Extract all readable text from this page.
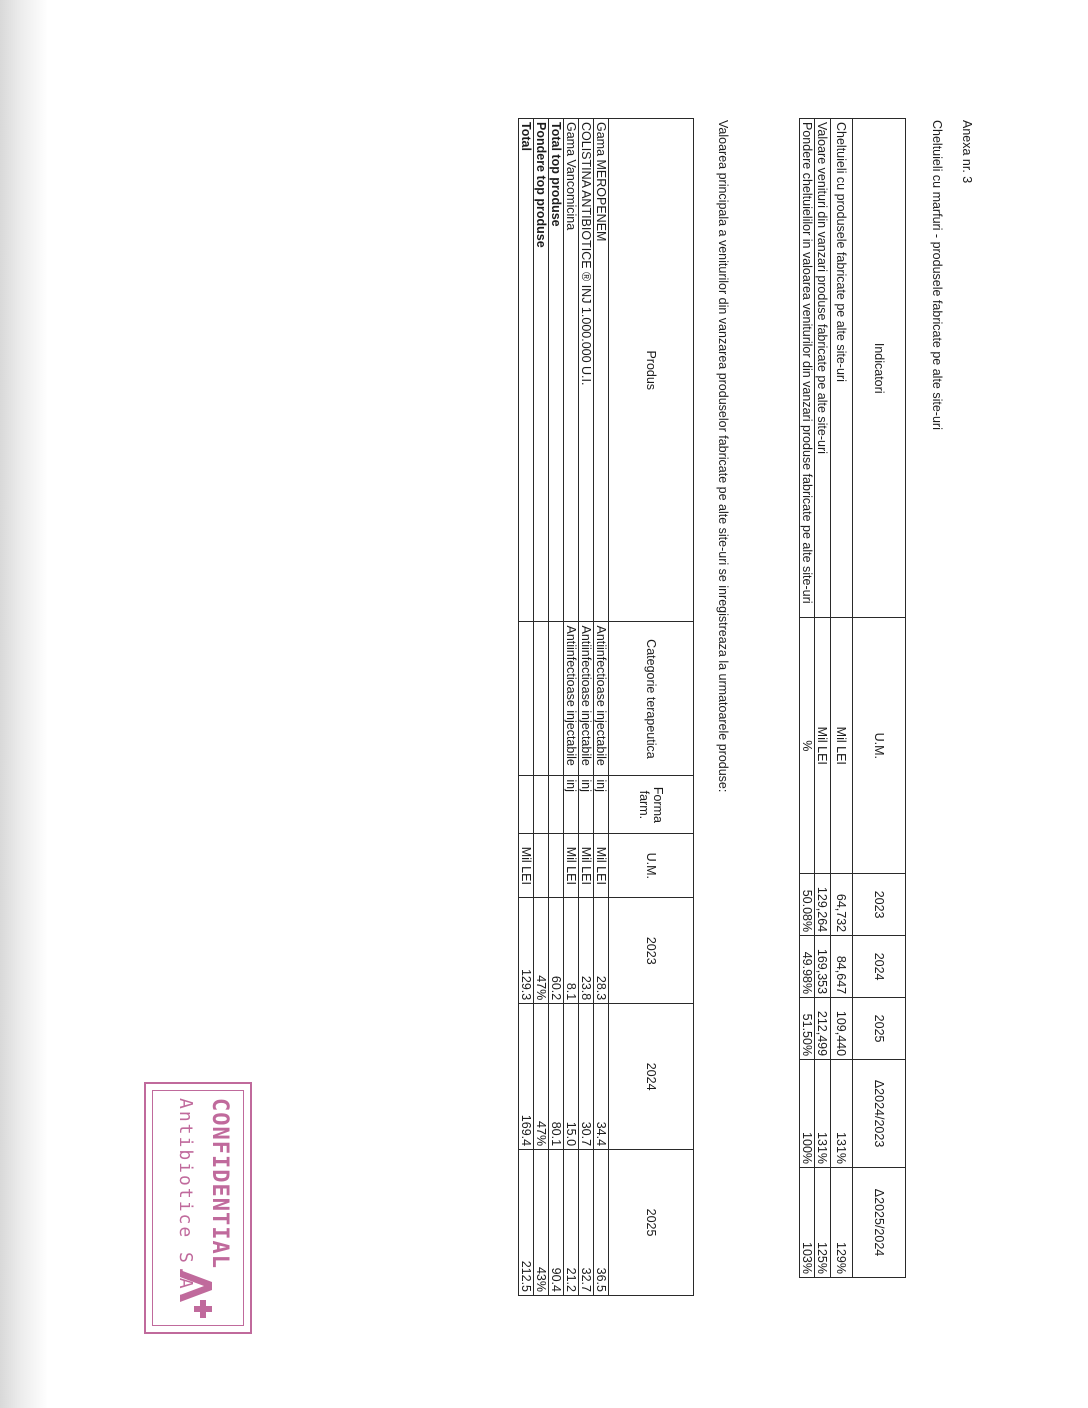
Anexa nr. 3
Cheltuieli cu marfuri - produsele fabricate pe alte site-uri
Indicatori	U.M.	2023	2024	2025	Δ2024/2023	Δ2025/2024
Cheltuieli cu produsele fabricate pe alte site-uri	Mil LEI	64,732	84,647	109,440	131%	129%
Valoare venituri din vanzari produse fabricate pe alte site-uri	Mil LEI	129,264	169,353	212,499	131%	125%
Pondere cheltuielilor in valoarea veniturilor din vanzari produse fabricate pe alte site-uri	%	50.08%	49.98%	51.50%	100%	103%
Valoarea principala a veniturilor din vanzarea produselor fabricate pe alte site-uri se inregistreaza la urmatoarele produse:
Produs	Categorie terapeutica	Forma farm.	U.M.	2023	2024	2025
Gama MEROPENEM	Antiinfectioase injectabile	inj	Mil LEI	28.3	34.4	36.5
COLISTINA ANTIBIOTICE ® INJ 1.000.000 U.I.	Antiinfectioase injectabile	inj	Mil LEI	23.8	30.7	32.7
Gama Vancomicina	Antiinfectioase injectabile	inj	Mil LEI	8.1	15.0	21.2
Total top produse				60.2	80.1	90.4
Pondere top produse				47%	47%	43%
Total			Mil LEI	129.3	169.4	212.5
CONFIDENTIAL
Antibiotice S.A.
